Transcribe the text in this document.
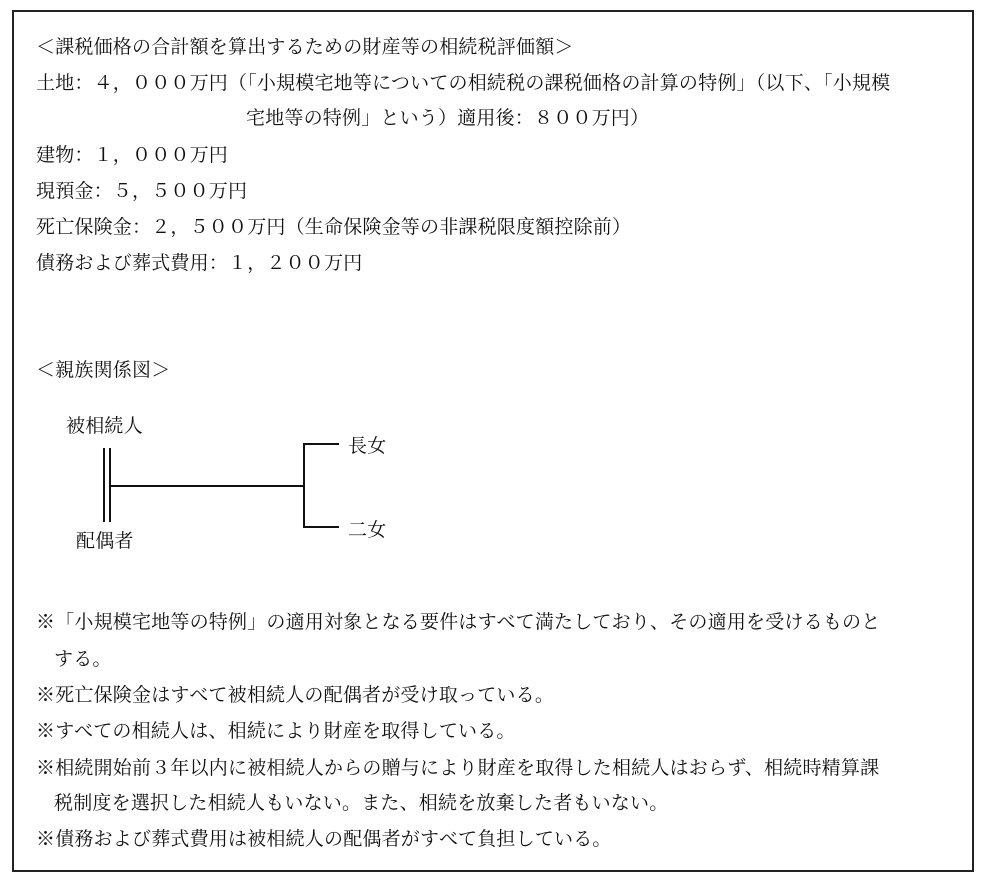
＜課税価格の合計額を算出するための財産等の相続税評価額＞
土地：４，０００万円（「小規模宅地等についての相続税の課税価格の計算の特例」（以下、「小規模
宅地等の特例」という）適用後：８００万円）
建物：１，０００万円
現預金：５，５００万円
死亡保険金：２，５００万円（生命保険金等の非課税限度額控除前）
債務および葬式費用：１，２００万円
＜親族関係図＞
被相続人
配偶者
長女
二女
※「小規模宅地等の特例」の適用対象となる要件はすべて満たしており、その適用を受けるものと
する。
※死亡保険金はすべて被相続人の配偶者が受け取っている。
※すべての相続人は、相続により財産を取得している。
※相続開始前３年以内に被相続人からの贈与により財産を取得した相続人はおらず、相続時精算課
税制度を選択した相続人もいない。また、相続を放棄した者もいない。
※債務および葬式費用は被相続人の配偶者がすべて負担している。
